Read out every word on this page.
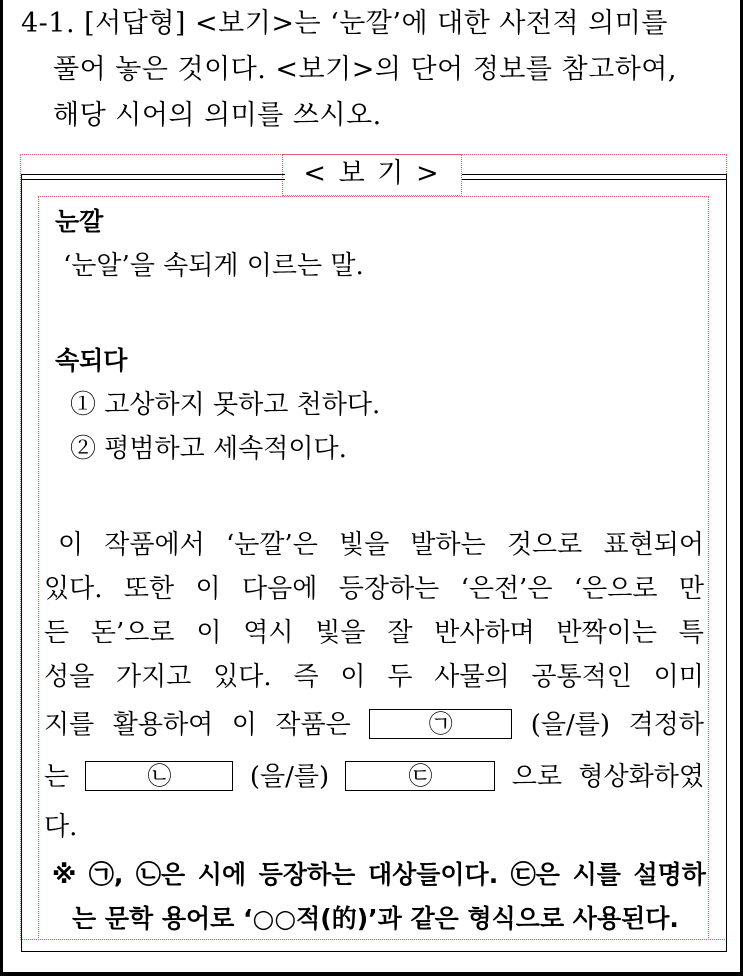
4-1. [서답형] <보기>는 ‘눈깔’에 대한 사전적 의미를
풀어 놓은 것이다. <보기>의 단어 정보를 참고하여,
해당 시어의 의미를 쓰시오.
< 보 기 >
눈깔
‘눈알’을 속되게 이르는 말.
속되다
① 고상하지 못하고 천하다.
② 평범하고 세속적이다.
이 작품에서 ‘눈깔’은 빛을 발하는 것으로 표현되어
있다. 또한 이 다음에 등장하는 ‘은전’은 ‘은으로 만
든 돈’으로 이 역시 빛을 잘 반사하며 반짝이는 특
성을 가지고 있다. 즉 이 두 사물의 공통적인 이미
지를 활용하여 이 작품은	㉠	(을/를) 격정하
는	㉡	(을/를)	㉢	으로 형상화하였
다.
※ ㉠, ㉡은 시에 등장하는 대상들이다. ㉢은 시를 설명하
는 문학 용어로 ‘○○적(的)’과 같은 형식으로 사용된다.
